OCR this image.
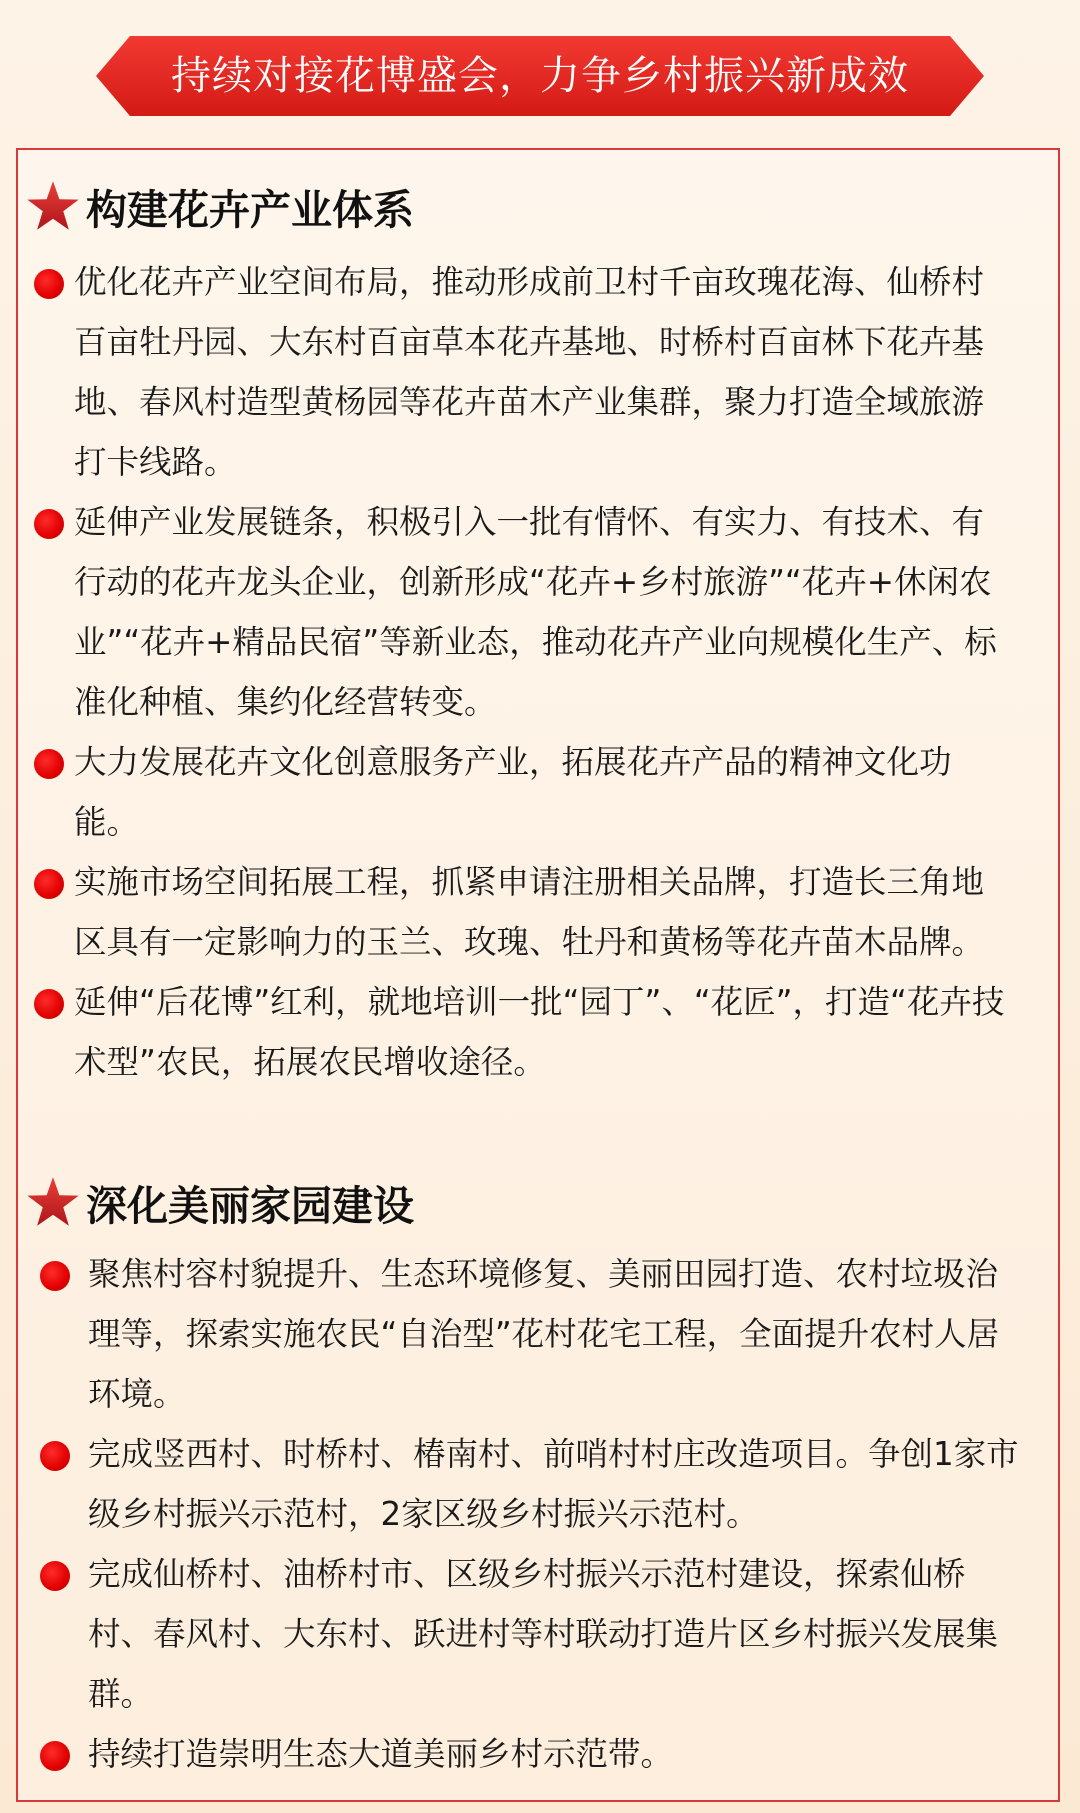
持续对接花博盛会，力争乡村振兴新成效
构建花卉产业体系
优化花卉产业空间布局，推动形成前卫村千亩玫瑰花海、仙桥村百亩牡丹园、大东村百亩草本花卉基地、时桥村百亩林下花卉基地、春风村造型黄杨园等花卉苗木产业集群，聚力打造全域旅游打卡线路。
延伸产业发展链条，积极引入一批有情怀、有实力、有技术、有行动的花卉龙头企业，创新形成“花卉+乡村旅游”“花卉+休闲农业”“花卉+精品民宿”等新业态，推动花卉产业向规模化生产、标准化种植、集约化经营转变。
大力发展花卉文化创意服务产业，拓展花卉产品的精神文化功能。
实施市场空间拓展工程，抓紧申请注册相关品牌，打造长三角地区具有一定影响力的玉兰、玫瑰、牡丹和黄杨等花卉苗木品牌。
延伸“后花博”红利，就地培训一批“园丁”、“花匠”，打造“花卉技术型”农民，拓展农民增收途径。
深化美丽家园建设
聚焦村容村貌提升、生态环境修复、美丽田园打造、农村垃圾治理等，探索实施农民“自治型”花村花宅工程，全面提升农村人居环境。
完成竖西村、时桥村、椿南村、前哨村村庄改造项目。争创1家市级乡村振兴示范村，2家区级乡村振兴示范村。
完成仙桥村、油桥村市、区级乡村振兴示范村建设，探索仙桥村、春风村、大东村、跃进村等村联动打造片区乡村振兴发展集群。
持续打造崇明生态大道美丽乡村示范带。
